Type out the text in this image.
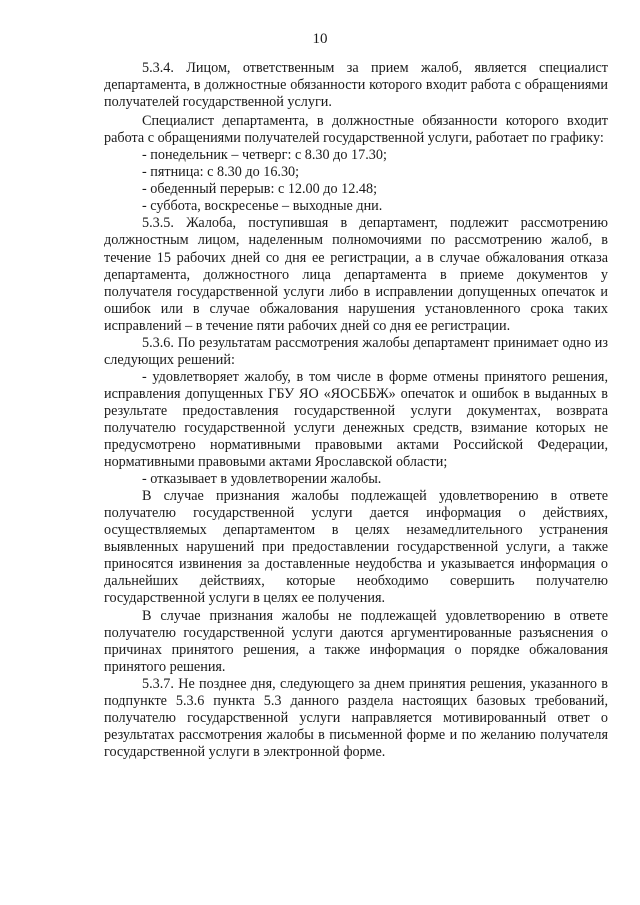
10

5.3.4. Лицом, ответственным за прием жалоб, является специалист департамента, в должностные обязанности которого входит работа с обращениями получателей государственной услуги.

Специалист департамента, в должностные обязанности которого входит работа с обращениями получателей государственной услуги, работает по графику:

- понедельник – четверг: с 8.30 до 17.30;

- пятница: с 8.30 до 16.30;

- обеденный перерыв: с 12.00 до 12.48;

- суббота, воскресенье – выходные дни.

5.3.5. Жалоба, поступившая в департамент, подлежит рассмотрению должностным лицом, наделенным полномочиями по рассмотрению жалоб, в течение 15 рабочих дней со дня ее регистрации, а в случае обжалования отказа департамента, должностного лица департамента в приеме документов у получателя государственной услуги либо в исправлении допущенных опечаток и ошибок или в случае обжалования нарушения установленного срока таких исправлений – в течение пяти рабочих дней со дня ее регистрации.

5.3.6. По результатам рассмотрения жалобы департамент принимает одно из следующих решений:

- удовлетворяет жалобу, в том числе в форме отмены принятого решения, исправления допущенных ГБУ ЯО «ЯОСББЖ» опечаток и ошибок в выданных в результате предоставления государственной услуги документах, возврата получателю государственной услуги денежных средств, взимание которых не предусмотрено нормативными правовыми актами Российской Федерации, нормативными правовыми актами Ярославской области;

- отказывает в удовлетворении жалобы.

В случае признания жалобы подлежащей удовлетворению в ответе получателю государственной услуги дается информация о действиях, осуществляемых департаментом в целях незамедлительного устранения выявленных нарушений при предоставлении государственной услуги, а также приносятся извинения за доставленные неудобства и указывается информация о дальнейших действиях, которые необходимо совершить получателю государственной услуги в целях ее получения.

В случае признания жалобы не подлежащей удовлетворению в ответе получателю государственной услуги даются аргументированные разъяснения о причинах принятого решения, а также информация о порядке обжалования принятого решения.

5.3.7. Не позднее дня, следующего за днем принятия решения, указанного в подпункте 5.3.6 пункта 5.3 данного раздела настоящих базовых требований, получателю государственной услуги направляется мотивированный ответ о результатах рассмотрения жалобы в письменной форме и по желанию получателя государственной услуги в электронной форме.
